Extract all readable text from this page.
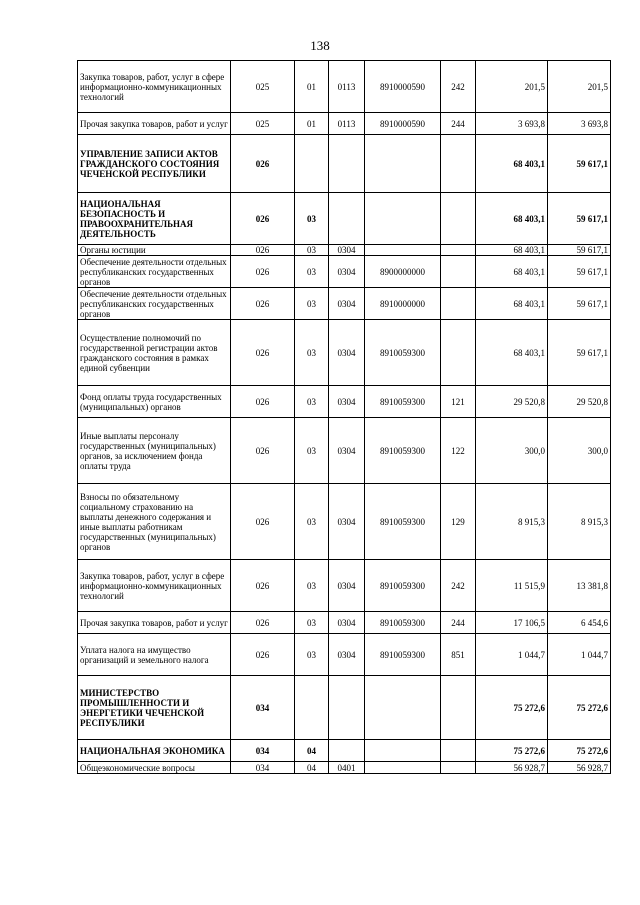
138
Закупка товаров, работ, услуг в сфере информационно-коммуникационных технологий	025	01	0113	8910000590	242	201,5	201,5
Прочая закупка товаров, работ и услуг	025	01	0113	8910000590	244	3 693,8	3 693,8
УПРАВЛЕНИЕ ЗАПИСИ АКТОВ ГРАЖДАНСКОГО СОСТОЯНИЯ ЧЕЧЕНСКОЙ РЕСПУБЛИКИ	026					68 403,1	59 617,1
НАЦИОНАЛЬНАЯ БЕЗОПАСНОСТЬ И ПРАВООХРАНИТЕЛЬНАЯ ДЕЯТЕЛЬНОСТЬ	026	03				68 403,1	59 617,1
Органы юстиции	026	03	0304			68 403,1	59 617,1
Обеспечение деятельности отдельных республиканских государственных органов	026	03	0304	8900000000		68 403,1	59 617,1
Обеспечение деятельности отдельных республиканских государственных органов	026	03	0304	8910000000		68 403,1	59 617,1
Осуществление полномочий по государственной регистрации актов гражданского состояния в рамках единой субвенции	026	03	0304	8910059300		68 403,1	59 617,1
Фонд оплаты труда государственных (муниципальных) органов	026	03	0304	8910059300	121	29 520,8	29 520,8
Иные выплаты персоналу государственных (муниципальных) органов, за исключением фонда оплаты труда	026	03	0304	8910059300	122	300,0	300,0
Взносы по обязательному социальному страхованию на выплаты денежного содержания и иные выплаты работникам государственных (муниципальных) органов	026	03	0304	8910059300	129	8 915,3	8 915,3
Закупка товаров, работ, услуг в сфере информационно-коммуникационных технологий	026	03	0304	8910059300	242	11 515,9	13 381,8
Прочая закупка товаров, работ и услуг	026	03	0304	8910059300	244	17 106,5	6 454,6
Уплата налога на имущество организаций и земельного налога	026	03	0304	8910059300	851	1 044,7	1 044,7
МИНИСТЕРСТВО ПРОМЫШЛЕННОСТИ И ЭНЕРГЕТИКИ ЧЕЧЕНСКОЙ РЕСПУБЛИКИ	034					75 272,6	75 272,6
НАЦИОНАЛЬНАЯ ЭКОНОМИКА	034	04				75 272,6	75 272,6
Общеэкономические вопросы	034	04	0401			56 928,7	56 928,7
